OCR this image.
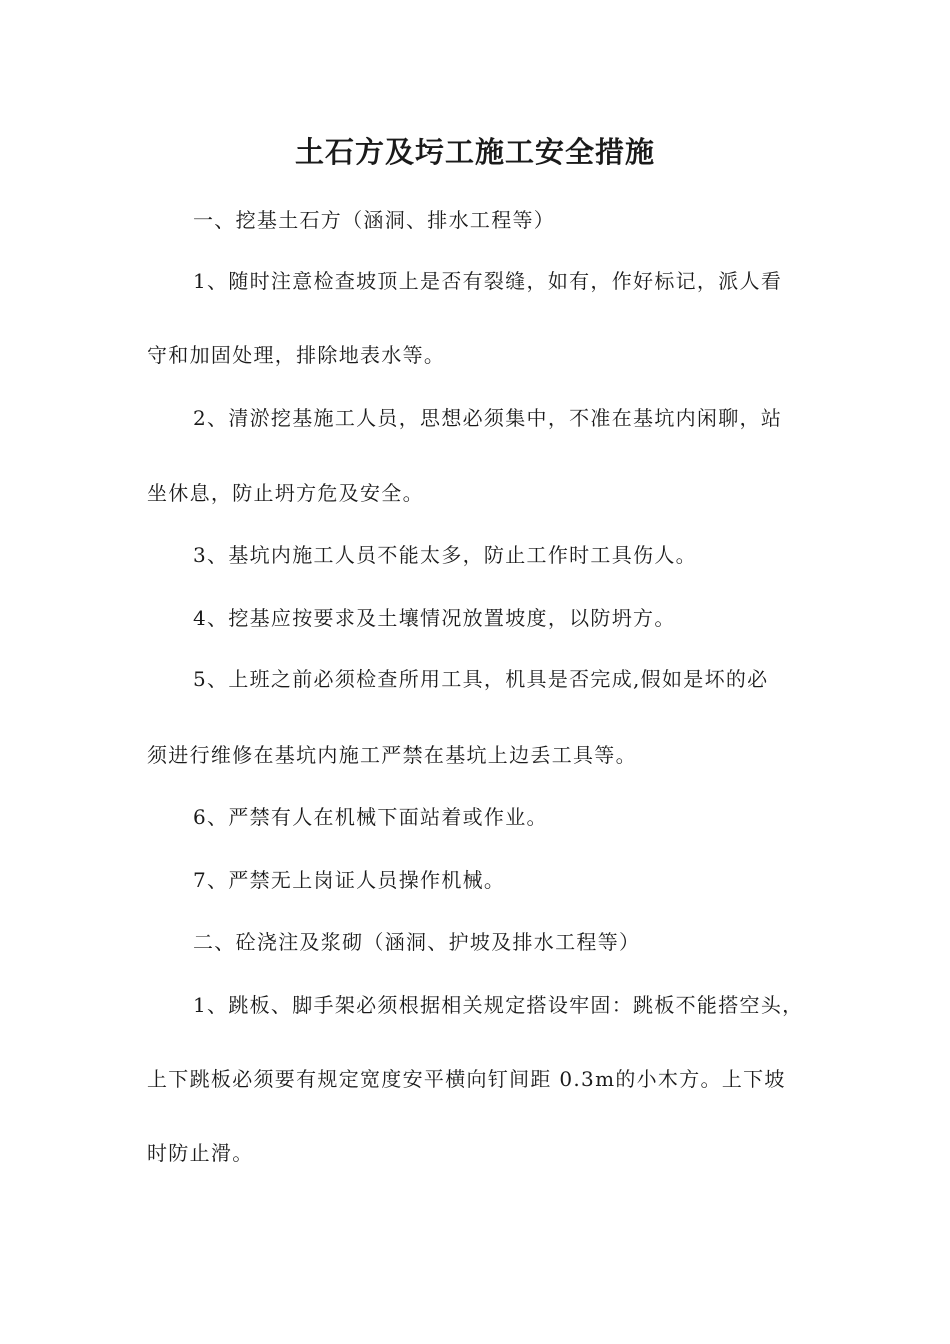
土石方及圬工施工安全措施
一、挖基土石方（涵洞、排水工程等）
1、随时注意检查坡顶上是否有裂缝，如有，作好标记，派人看
守和加固处理，排除地表水等。
2、清淤挖基施工人员，思想必须集中，不准在基坑内闲聊，站
坐休息，防止坍方危及安全。
3、基坑内施工人员不能太多，防止工作时工具伤人。
4、挖基应按要求及土壤情况放置坡度，以防坍方。
5、上班之前必须检查所用工具，机具是否完成,假如是坏的必
须进行维修在基坑内施工严禁在基坑上边丢工具等。
6、严禁有人在机械下面站着或作业。
7、严禁无上岗证人员操作机械。
二、砼浇注及浆砌（涵洞、护坡及排水工程等）
1、跳板、脚手架必须根据相关规定搭设牢固：跳板不能搭空头，
上下跳板必须要有规定宽度安平横向钉间距 0.3m的小木方。上下坡
时防止滑。
